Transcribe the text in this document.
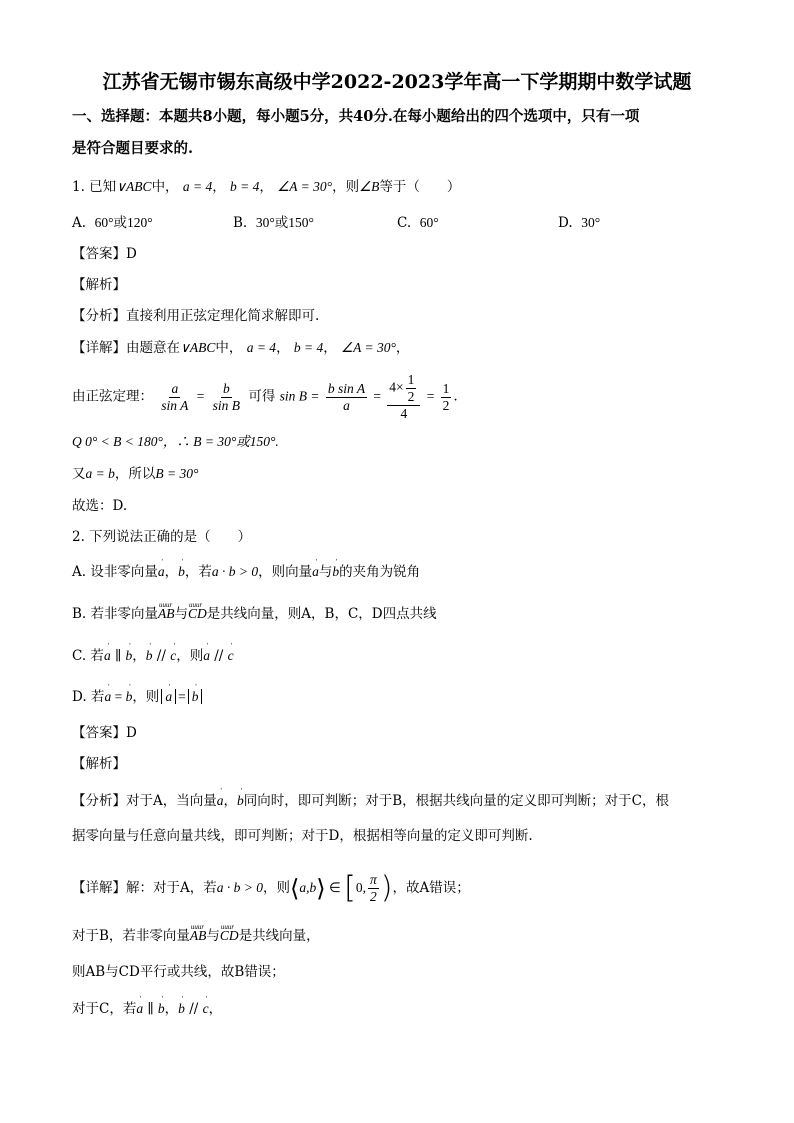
江苏省无锡市锡东高级中学2022-2023学年高一下学期期中数学试题
一、选择题：本题共8小题，每小题5分，共40分.在每小题给出的四个选项中，只有一项
是符合题目要求的.
1. 已知∨ABC中， a = 4， b = 4， ∠A = 30°，则∠B等于（　　）
A. 60°或120°	B. 30°或150°	C. 60°	D. 30°
【答案】D
【解析】
【分析】直接利用正弦定理化简求解即可.
【详解】由题意在∨ABC中， a = 4， b = 4， ∠A = 30°，
由正弦定理： $\frac{a}{\text{sin A}} = \frac{b}{\text{sin B}}$ 可得 $\sin B = \frac{\text{b sin A}}{a} = \frac{4\times \frac{1}{2}}{4} = \frac{1}{2}$ .
Q 0° < B < 180°，∴ B = 30°或150°.
又a = b，所以B = 30°
故选：D.
2. 下列说法正确的是（　　）
A. 设非零向量ˈ a，ˈ b，若a · b > 0，则向量ˈ a与ˈ b的夹角为锐角
B. 若非零向量uuur AB与uuur CD是共线向量，则A，B，C，D四点共线
C. 若ˈ a ∥ ˈ b，ˈ b // ˈ c，则ˈ a // ˈ c
D. 若ˈ a = ˈ b，则 ˈ a = ˈ b
【答案】D
【解析】
【分析】对于A，当向量ˈ a，ˈ b同向时，即可判断；对于B，根据共线向量的定义即可判断；对于C，根
据零向量与任意向量共线，即可判断；对于D，根据相等向量的定义即可判断.
【详解】解：对于A，若a · b > 0，则⟨a,b⟩ ∈ [0, $\frac{\pi}{2}$ )，故A错误；
对于B，若非零向量uuur AB与uuur CD是共线向量，
则AB与CD平行或共线，故B错误；
对于C，若ˈ a ∥ ˈ b，ˈ b // ˈ c，
